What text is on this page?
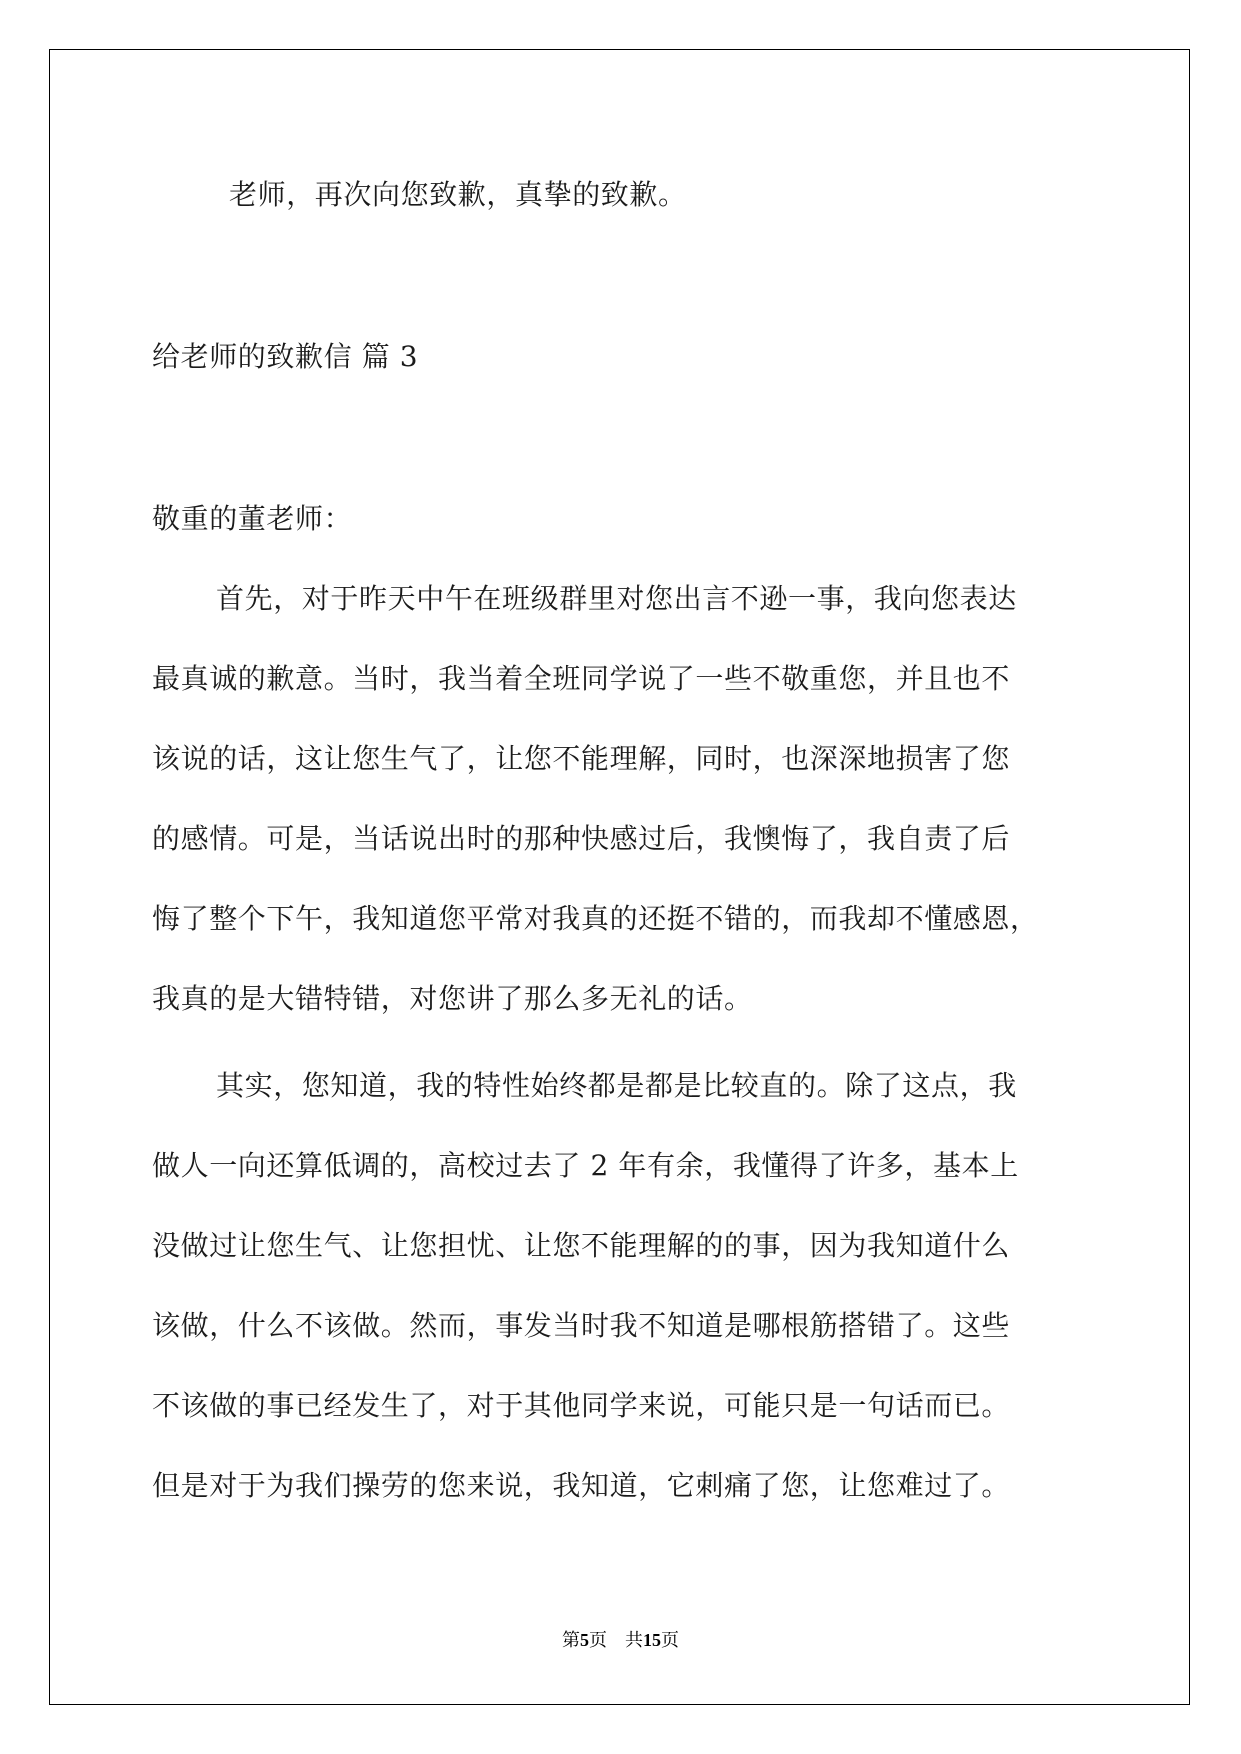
老师，再次向您致歉，真挚的致歉。

给老师的致歉信 篇 3

敬重的董老师：

首先，对于昨天中午在班级群里对您出言不逊一事，我向您表达

最真诚的歉意。当时，我当着全班同学说了一些不敬重您，并且也不

该说的话，这让您生气了，让您不能理解，同时，也深深地损害了您

的感情。可是，当话说出时的那种快感过后，我懊悔了，我自责了后

悔了整个下午，我知道您平常对我真的还挺不错的，而我却不懂感恩，

我真的是大错特错，对您讲了那么多无礼的话。

其实，您知道，我的特性始终都是都是比较直的。除了这点，我

做人一向还算低调的，高校过去了 2 年有余，我懂得了许多，基本上

没做过让您生气、让您担忧、让您不能理解的的事，因为我知道什么

该做，什么不该做。然而，事发当时我不知道是哪根筋搭错了。这些

不该做的事已经发生了，对于其他同学来说，可能只是一句话而已。

但是对于为我们操劳的您来说，我知道，它刺痛了您，让您难过了。

第5页　共15页
